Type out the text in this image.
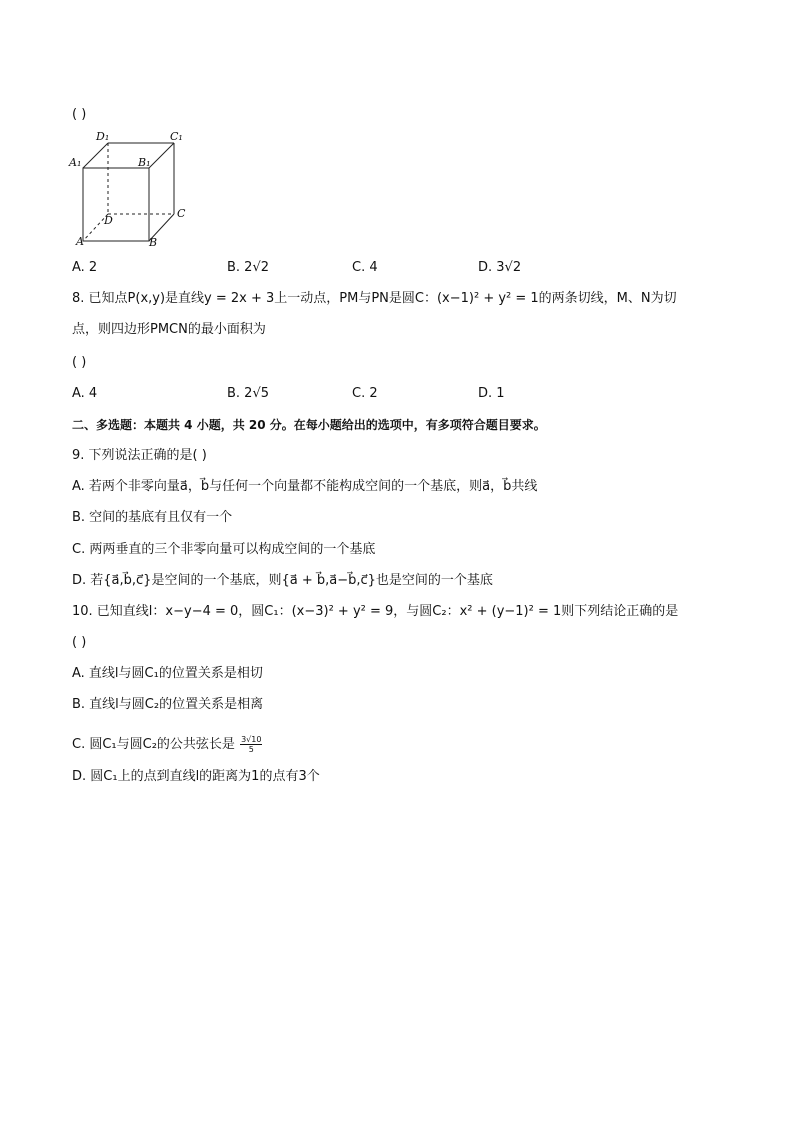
( )
D₁	C₁
A₁	B₁
D
C
A	B
A. 2	B. 2√2	C. 4	D. 3√2
8. 已知点P(x,y)是直线y = 2x + 3上一动点，PM与PN是圆C：(x−1)² + y² = 1的两条切线，M、N为切
点，则四边形PMCN的最小面积为
( )
A. 4	B. 2√5	C. 2	D. 1
二、多选题：本题共 4 小题，共 20 分。在每小题给出的选项中，有多项符合题目要求。
9. 下列说法正确的是( )
A. 若两个非零向量a⃗，b⃗与任何一个向量都不能构成空间的一个基底，则a⃗，b⃗共线
B. 空间的基底有且仅有一个
C. 两两垂直的三个非零向量可以构成空间的一个基底
D. 若{a⃗,b⃗,c⃗}是空间的一个基底，则{a⃗ + b⃗,a⃗−b⃗,c⃗}也是空间的一个基底
10. 已知直线l：x−y−4 = 0，圆C₁：(x−3)² + y² = 9，与圆C₂：x² + (y−1)² = 1则下列结论正确的是
( )
A. 直线l与圆C₁的位置关系是相切
B. 直线l与圆C₂的位置关系是相离
C. 圆C₁与圆C₂的公共弦长是 $\frac{3√10}{5}$
D. 圆C₁上的点到直线l的距离为1的点有3个
